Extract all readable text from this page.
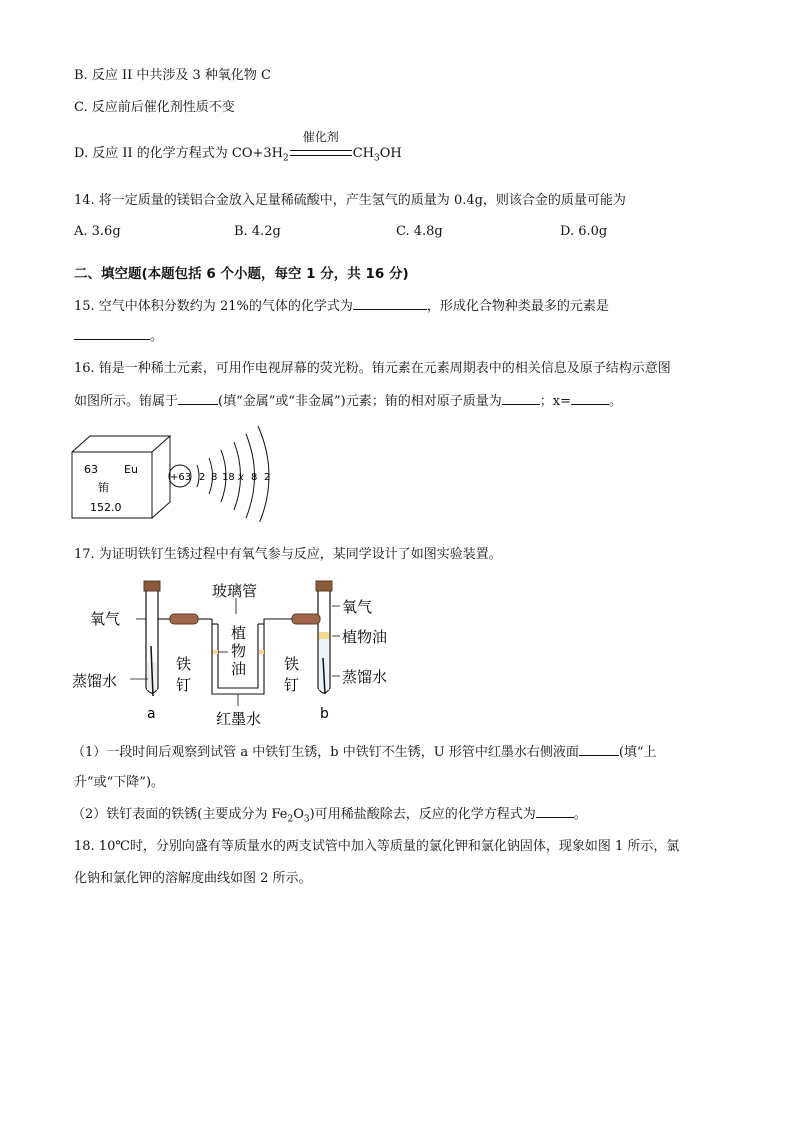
B. 反应 II 中共涉及 3 种氧化物 C
C. 反应前后催化剂性质不变
D. 反应 II 的化学方程式为 $CO+3H_2$
催化剂
$CH_3OH$
14. 将一定质量的镁铝合金放入足量稀硫酸中，产生氢气的质量为 0.4g，则该合金的质量可能为
A. 3.6g	B. 4.2g	C. 4.8g	D. 6.0g
二、填空题(本题包括 6 个小题，每空 1 分，共 16 分)
15. 空气中体积分数约为 21%的气体的化学式为	，形成化合物种类最多的元素是
。
16. 铕是一种稀土元素，可用作电视屏幕的荧光粉。铕元素在元素周期表中的相关信息及原子结构示意图
如图所示。铕属于	(填“金属”或“非金属”)元素；铕的相对原子质量为	；x=	。
63 Eu
铕
152.0
+63 2 8 18 x 8 2
17. 为证明铁钉生锈过程中有氧气参与反应，某同学设计了如图实验装置。
氧气
蒸馏水
铁
钉
植
物
油
玻璃管
铁
钉
氧气
植物油
蒸馏水
红墨水
a	b
（1）一段时间后观察到试管 a 中铁钉生锈，b 中铁钉不生锈，U 形管中红墨水右侧液面	(填“上
升”或“下降”)。
（2）铁钉表面的铁锈(主要成分为 $Fe_2O_3$)可用稀盐酸除去，反应的化学方程式为	。
18. 10℃时，分别向盛有等质量水的两支试管中加入等质量的氯化钾和氯化钠固体，现象如图 1 所示，氯
化钠和氯化钾的溶解度曲线如图 2 所示。
